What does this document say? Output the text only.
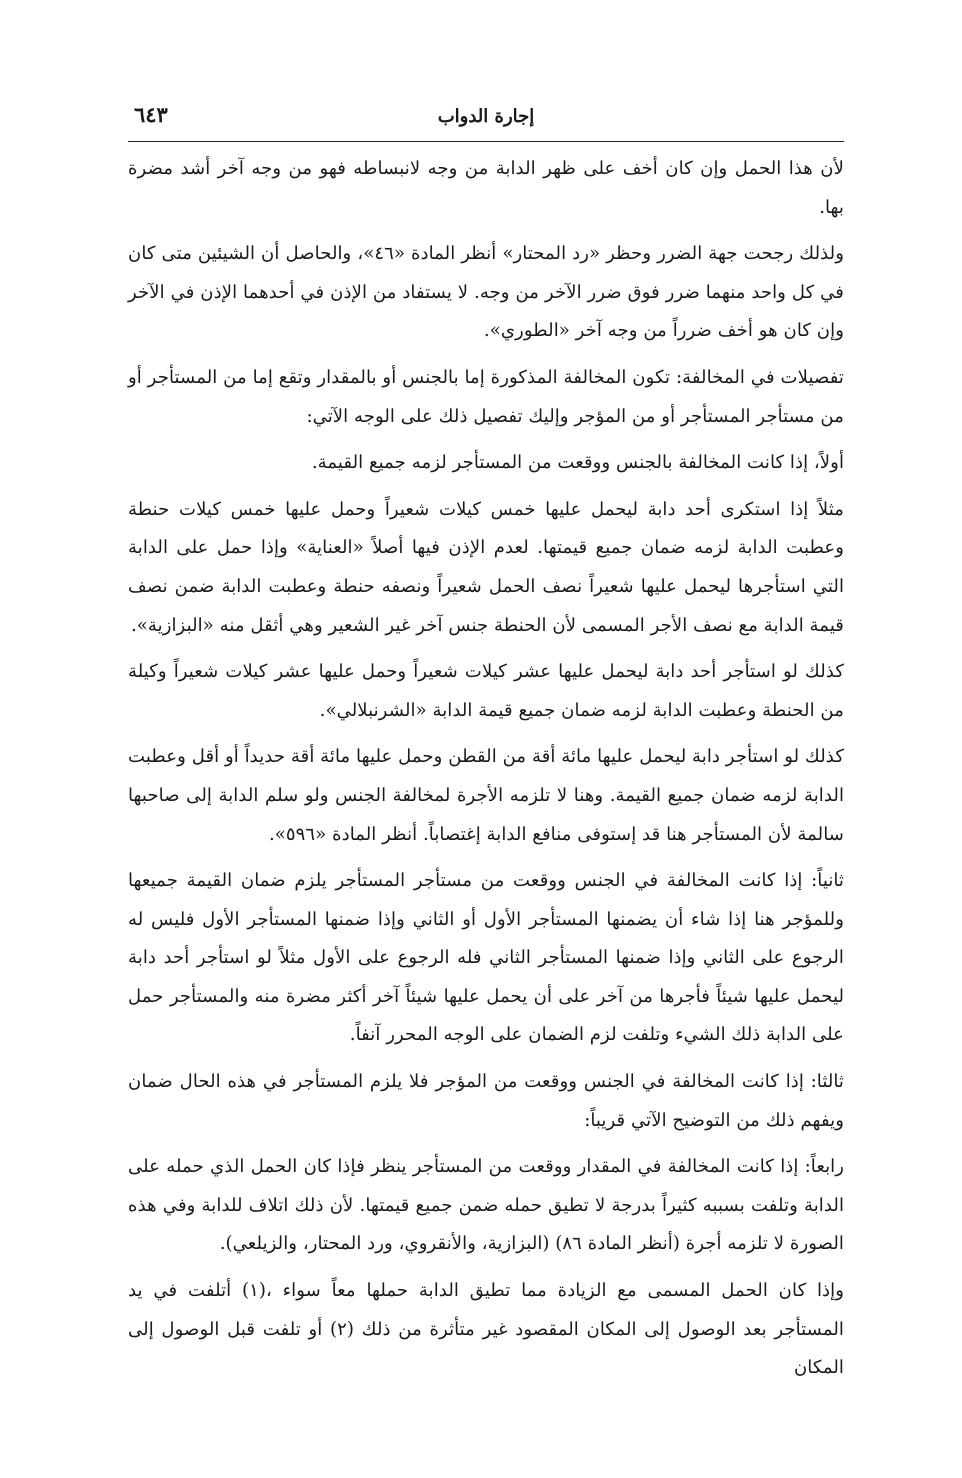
إجارة الدواب
٦٤٣

لأن هذا الحمل وإن كان أخف على ظهر الدابة من وجه لانبساطه فهو من وجه آخر أشد مضرة بها.

ولذلك رجحت جهة الضرر وحظر «رد المحتار» أنظر المادة «٤٦»، والحاصل أن الشيئين متى كان في كل واحد منهما ضرر فوق ضرر الآخر من وجه. لا يستفاد من الإذن في أحدهما الإذن في الآخر وإن كان هو أخف ضرراً من وجه آخر «الطوري».

تفصيلات في المخالفة: تكون المخالفة المذكورة إما بالجنس أو بالمقدار وتقع إما من المستأجر أو من مستأجر المستأجر أو من المؤجر وإليك تفصيل ذلك على الوجه الآتي:

أولاً، إذا كانت المخالفة بالجنس ووقعت من المستأجر لزمه جميع القيمة.

مثلاً إذا استكرى أحد دابة ليحمل عليها خمس كيلات شعيراً وحمل عليها خمس كيلات حنطة وعطبت الدابة لزمه ضمان جميع قيمتها. لعدم الإذن فيها أصلاً «العناية» وإذا حمل على الدابة التي استأجرها ليحمل عليها شعيراً نصف الحمل شعيراً ونصفه حنطة وعطبت الدابة ضمن نصف قيمة الدابة مع نصف الأجر المسمى لأن الحنطة جنس آخر غير الشعير وهي أثقل منه «البزازية».

كذلك لو استأجر أحد دابة ليحمل عليها عشر كيلات شعيراً وحمل عليها عشر كيلات شعيراً وكيلة من الحنطة وعطبت الدابة لزمه ضمان جميع قيمة الدابة «الشرنبلالي».

كذلك لو استأجر دابة ليحمل عليها مائة أقة من القطن وحمل عليها مائة أقة حديداً أو أقل وعطبت الدابة لزمه ضمان جميع القيمة. وهنا لا تلزمه الأجرة لمخالفة الجنس ولو سلم الدابة إلى صاحبها سالمة لأن المستأجر هنا قد إستوفى منافع الدابة إغتصاباً. أنظر المادة «٥٩٦».

ثانياً: إذا كانت المخالفة في الجنس ووقعت من مستأجر المستأجر يلزم ضمان القيمة جميعها وللمؤجر هنا إذا شاء أن يضمنها المستأجر الأول أو الثاني وإذا ضمنها المستأجر الأول فليس له الرجوع على الثاني وإذا ضمنها المستأجر الثاني فله الرجوع على الأول مثلاً لو استأجر أحد دابة ليحمل عليها شيئاً فأجرها من آخر على أن يحمل عليها شيئاً آخر أكثر مضرة منه والمستأجر حمل على الدابة ذلك الشيء وتلفت لزم الضمان على الوجه المحرر آنفاً.

ثالثا: إذا كانت المخالفة في الجنس ووقعت من المؤجر فلا يلزم المستأجر في هذه الحال ضمان ويفهم ذلك من التوضيح الآتي قريباً:

رابعاً: إذا كانت المخالفة في المقدار ووقعت من المستأجر ينظر فإذا كان الحمل الذي حمله على الدابة وتلفت بسببه كثيراً بدرجة لا تطيق حمله ضمن جميع قيمتها. لأن ذلك اتلاف للدابة وفي هذه الصورة لا تلزمه أجرة (أنظر المادة ٨٦) (البزازية، والأنقروي، ورد المحتار، والزيلعي).

وإذا كان الحمل المسمى مع الزيادة مما تطيق الدابة حملها معاً سواء ،(١) أتلفت في يد المستأجر بعد الوصول إلى المكان المقصود غير متأثرة من ذلك (٢) أو تلفت قبل الوصول إلى المكان
